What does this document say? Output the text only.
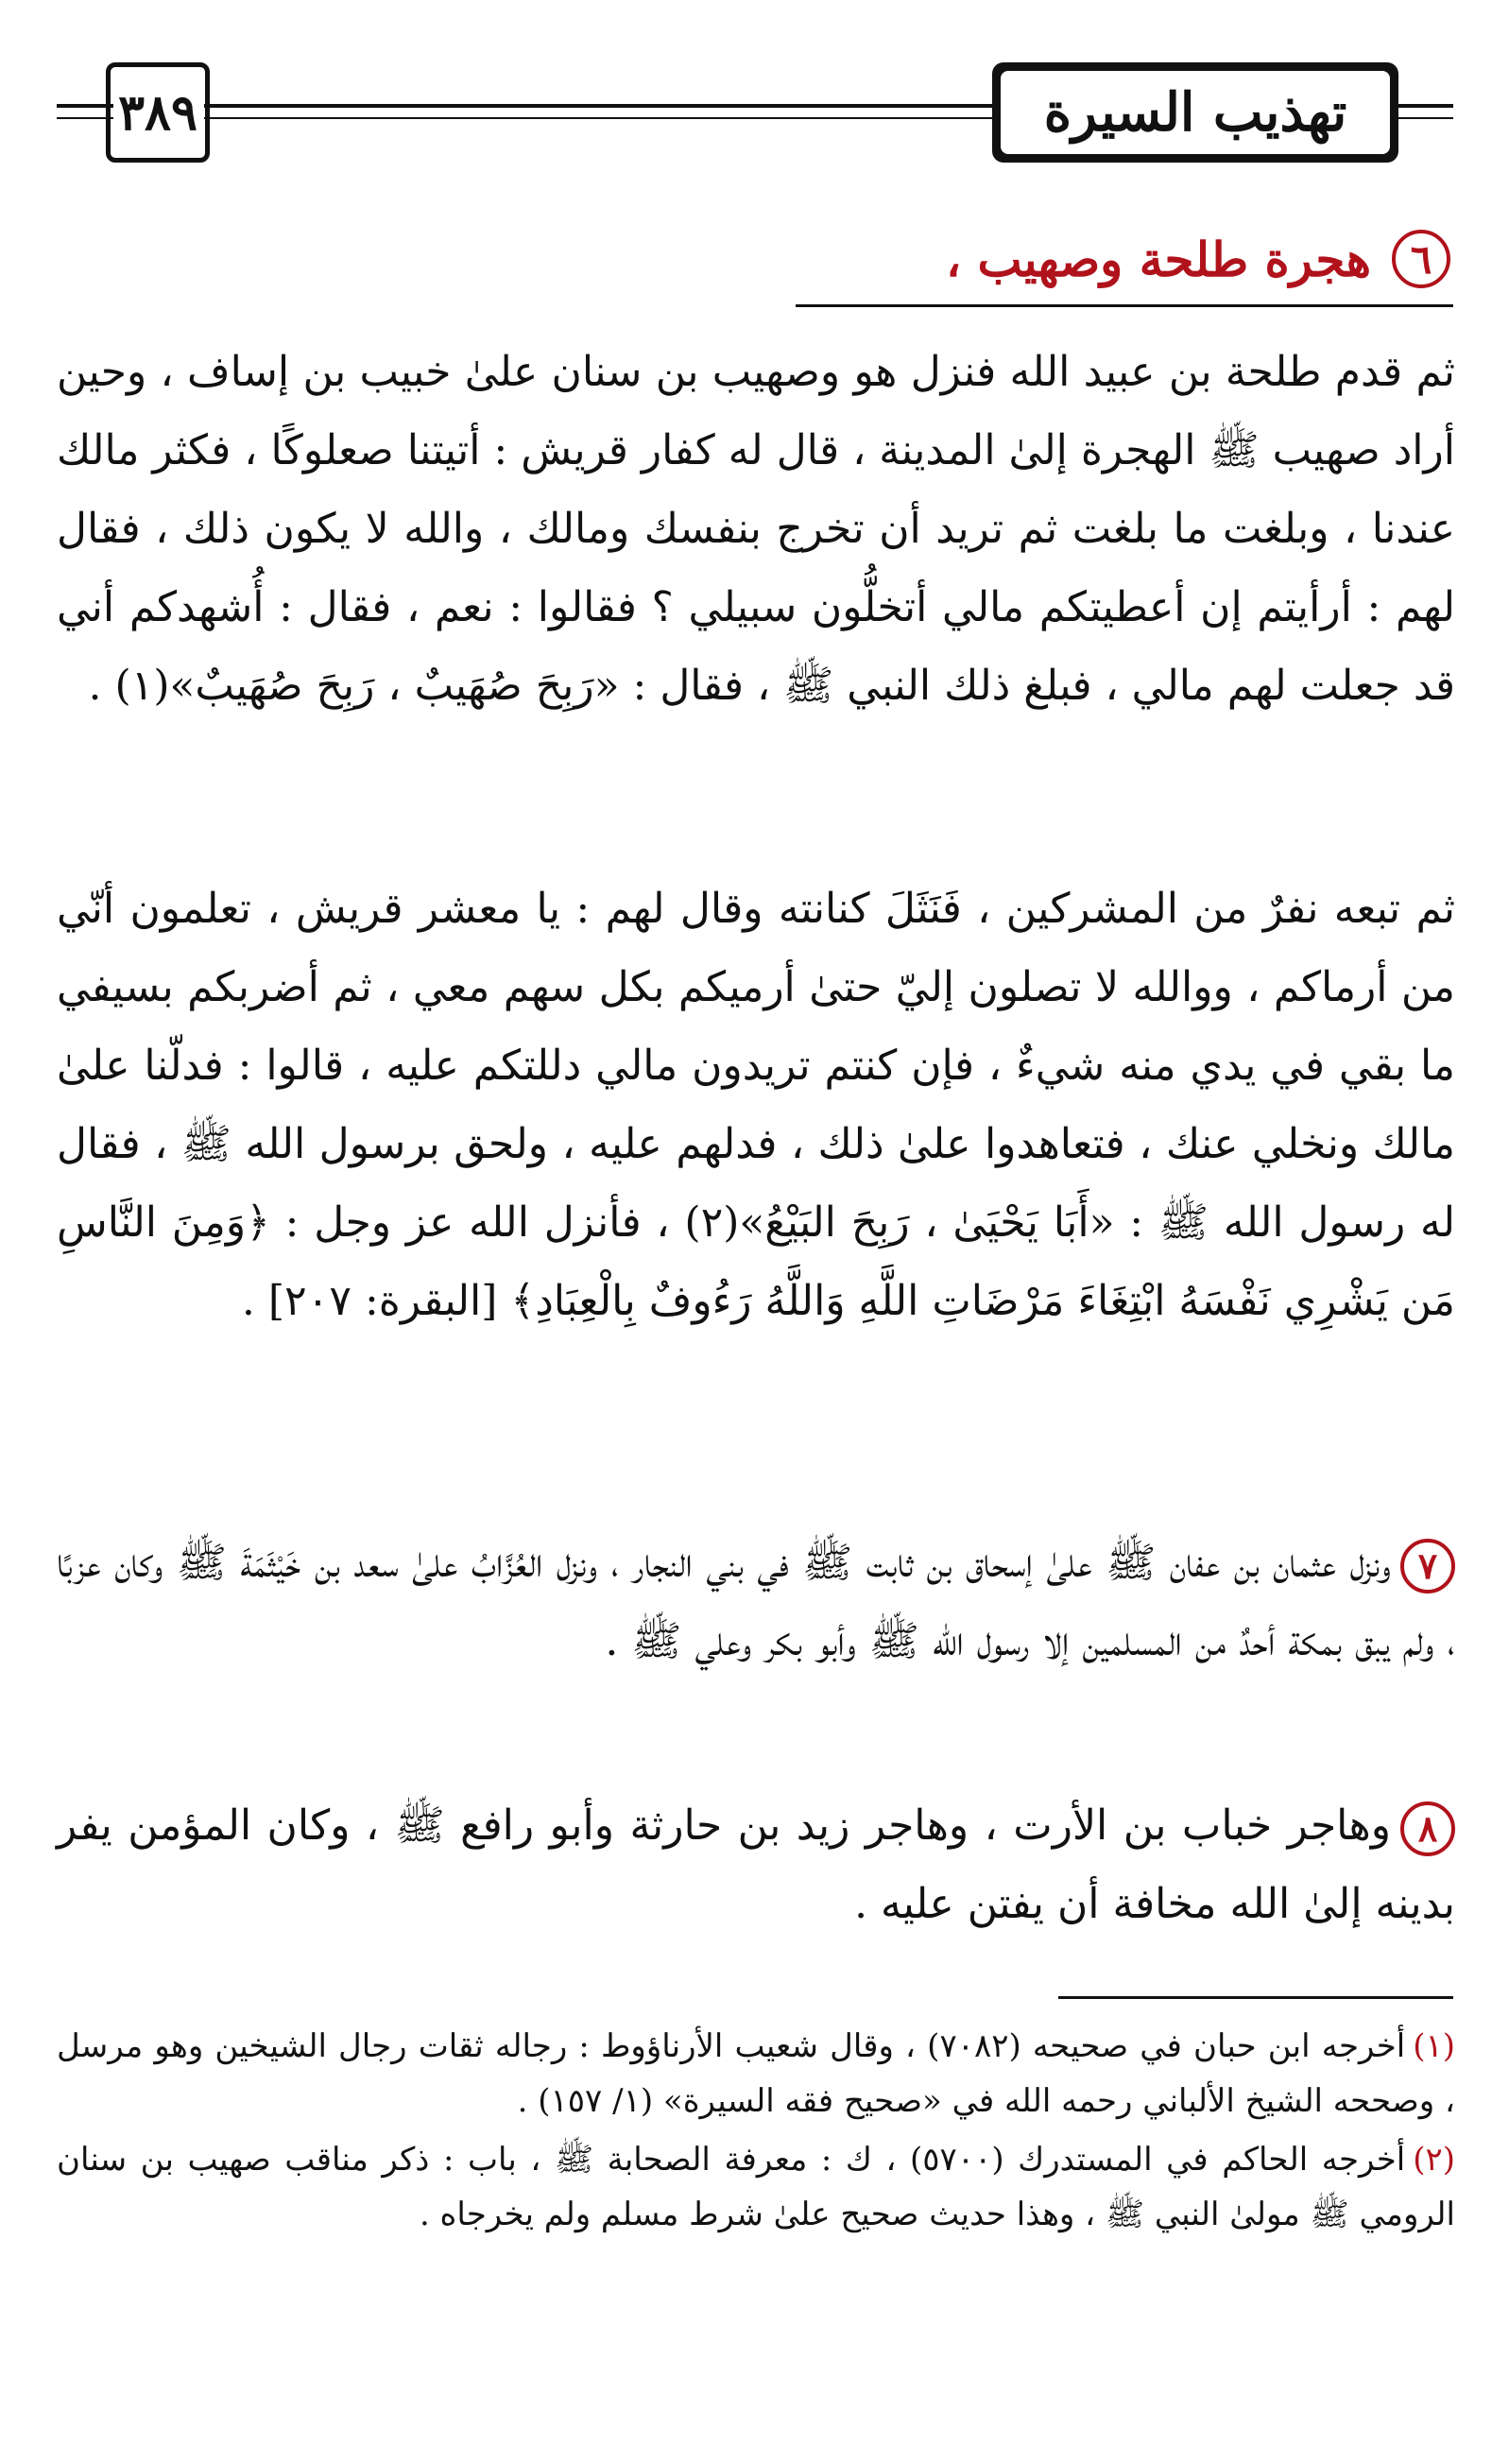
٣٨٩	تهذيب السيرة
٦
هجرة طلحة وصهيب ،
ثم قدم طلحة بن عبيد الله فنزل هو وصهيب بن سنان علىٰ خبيب بن إساف ، وحين أراد صهيب ﷺ الهجرة إلىٰ المدينة ، قال له كفار قريش : أتيتنا صعلوكًا ، فكثر مالك عندنا ، وبلغت ما بلغت ثم تريد أن تخرج بنفسك ومالك ، والله لا يكون ذلك ، فقال لهم : أرأيتم إن أعطيتكم مالي أتخلُّون سبيلي ؟ فقالوا : نعم ، فقال : أُشهدكم أني قد جعلت لهم مالي ، فبلغ ذلك النبي ﷺ ، فقال : «رَبِحَ صُهَيبٌ ، رَبِحَ صُهَيبٌ»(١) .
ثم تبعه نفرٌ من المشركين ، فَنَثَلَ كنانته وقال لهم : يا معشر قريش ، تعلمون أنّي من أرماكم ، ووالله لا تصلون إليّ حتىٰ أرميكم بكل سهم معي ، ثم أضربكم بسيفي ما بقي في يدي منه شيءٌ ، فإن كنتم تريدون مالي دللتكم عليه ، قالوا : فدلّنا علىٰ مالك ونخلي عنك ، فتعاهدوا علىٰ ذلك ، فدلهم عليه ، ولحق برسول الله ﷺ ، فقال له رسول الله ﷺ : «أَبَا يَحْيَىٰ ، رَبِحَ البَيْعُ»(٢) ، فأنزل الله عز وجل : ﴿وَمِنَ النَّاسِ مَن يَشْرِي نَفْسَهُ ابْتِغَاءَ مَرْضَاتِ اللَّهِ وَاللَّهُ رَءُوفٌ بِالْعِبَادِ﴾ [البقرة: ٢٠٧] .
٧ونزل عثمان بن عفان ﷺ علىٰ إسحاق بن ثابت ﷺ في بني النجار ، ونزل العُزَّابُ علىٰ سعد بن خَيْثَمَةَ ﷺ وكان عزبًا ، ولم يبق بمكة أحدٌ من المسلمين إلا رسول الله ﷺ وأبو بكر وعلي ﷺ .
٨وهاجر خباب بن الأرت ، وهاجر زيد بن حارثة وأبو رافع ﷺ ، وكان المؤمن يفر بدينه إلىٰ الله مخافة أن يفتن عليه .
(١)أخرجه ابن حبان في صحيحه (٧٠٨٢) ، وقال شعيب الأرناؤوط : رجاله ثقات رجال الشيخين وهو مرسل ، وصححه الشيخ الألباني رحمه الله في «صحيح فقه السيرة» (١/ ١٥٧) .
(٢)أخرجه الحاكم في المستدرك (٥٧٠٠) ، ك : معرفة الصحابة ﷺ ، باب : ذكر مناقب صهيب بن سنان الرومي ﷺ مولىٰ النبي ﷺ ، وهذا حديث صحيح علىٰ شرط مسلم ولم يخرجاه .
